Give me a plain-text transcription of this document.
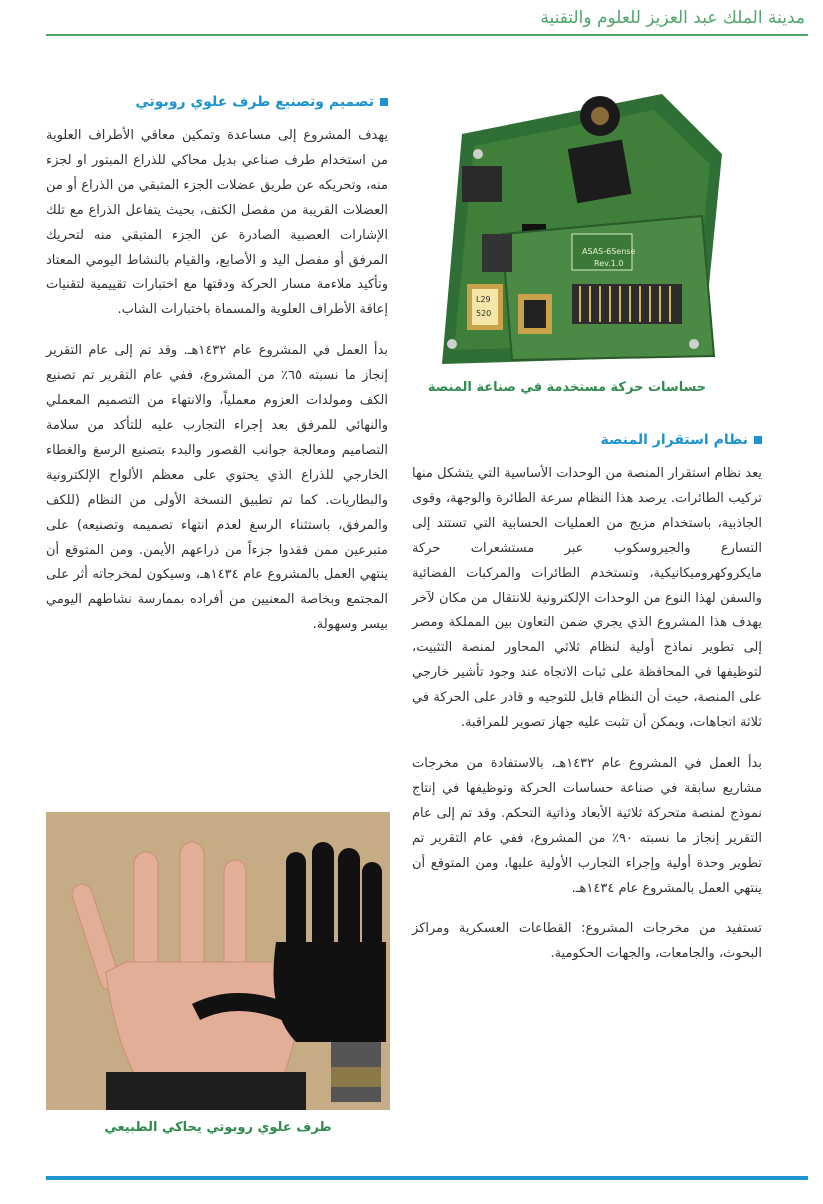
مدينة الملك عبد العزيز للعلوم والتقنية
تصميم وتصنيع طرف علوي روبوتي

يهدف المشروع إلى مساعدة وتمكين معاقي الأطراف العلوية من استخدام طرف صناعي بديل محاكي للذراع المبتور او لجزء منه، وتحريكه عن طريق عضلات الجزء المتبقي من الذراع أو من العضلات القريبة من مفصل الكتف، بحيث يتفاعل الذراع مع تلك الإشارات العصبية الصادرة عن الجزء المتبقي منه لتحريك المرفق أو مفصل اليد و الأصابع، والقيام بالنشاط اليومي المعتاد وتأكيد ملاءمة مسار الحركة ودقتها مع اختبارات تقييمية لتقنيات إعاقة الأطراف العلوية والمسماة باختبارات الشاب.

بدأ العمل في المشروع عام ١٤٣٢هـ. وقد تم إلى عام التقرير إنجاز ما نسبته ٦٥٪ من المشروع، ففي عام التقرير تم تصنيع الكف ومولدات العزوم معملياً، والانتهاء من التصميم المعملي والنهائي للمرفق بعد إجراء التجارب عليه للتأكد من سلامة التصاميم ومعالجة جوانب القصور والبدء بتصنيع الرسغ والغطاء الخارجي للذراع الذي يحتوي على معظم الألواح الإلكترونية والبطاريات. كما تم تطبيق النسخة الأولى من النظام (للكف والمرفق، باستثناء الرسغ لعدم انتهاء تصميمه وتصنيعه) على متبرعين ممن فقدوا جزءاً من ذراعهم الأيمن. ومن المتوقع أن ينتهي العمل بالمشروع عام ١٤٣٤هـ، وسيكون لمخرجاته أثر على المجتمع وبخاصة المعنيين من أفراده بممارسة نشاطهم اليومي بيسر وسهولة.

نظام استقرار المنصة

يعد نظام استقرار المنصة من الوحدات الأساسية التي يتشكل منها تركيب الطائرات. يرصد هذا النظام سرعة الطائرة والوجهة، وقوى الجاذبية، باستخدام مزيج من العمليات الحسابية التي تستند إلى التسارع والجيروسكوب عبر مستشعرات حركة مايكروكهروميكانيكية، وتستخدم الطائرات والمركبات الفضائية والسفن لهذا النوع من الوحدات الإلكترونية للانتقال من مكان لآخر يهدف هذا المشروع الذي يجري ضمن التعاون بين المملكة ومصر إلى تطوير نماذج أولية لنظام ثلاثي المحاور لمنصة التثبيت، لتوظيفها في المحافظة على ثبات الاتجاه عند وجود تأشير خارجي على المنصة، حيث أن النظام قابل للتوجيه و قادر على الحركة في ثلاثة اتجاهات، ويمكن أن تثبت عليه جهاز تصوير للمراقبة.

بدأ العمل في المشروع عام ١٤٣٢هـ، بالاستفادة من مخرجات مشاريع سابقة في صناعة حساسات الحركة وتوظيفها في إنتاج نموذج لمنصة متحركة ثلاثية الأبعاد وذاتية التحكم. وقد تم إلى عام التقرير إنجاز ما نسبته ٩٠٪ من المشروع، ففي عام التقرير تم تطوير وحدة أولية وإجراء التجارب الأولية عليها، ومن المتوقع أن ينتهي العمل بالمشروع عام ١٤٣٤هـ.

تستفيد من مخرجات المشروع: القطاعات العسكرية ومراكز البحوث، والجامعات، والجهات الحكومية.

ASAS-6Sense
Rev.1.0
L29
520
حساسات حركة مستخدمة في صناعة المنصة
طرف علوي روبوتي يحاكي الطبيعي
